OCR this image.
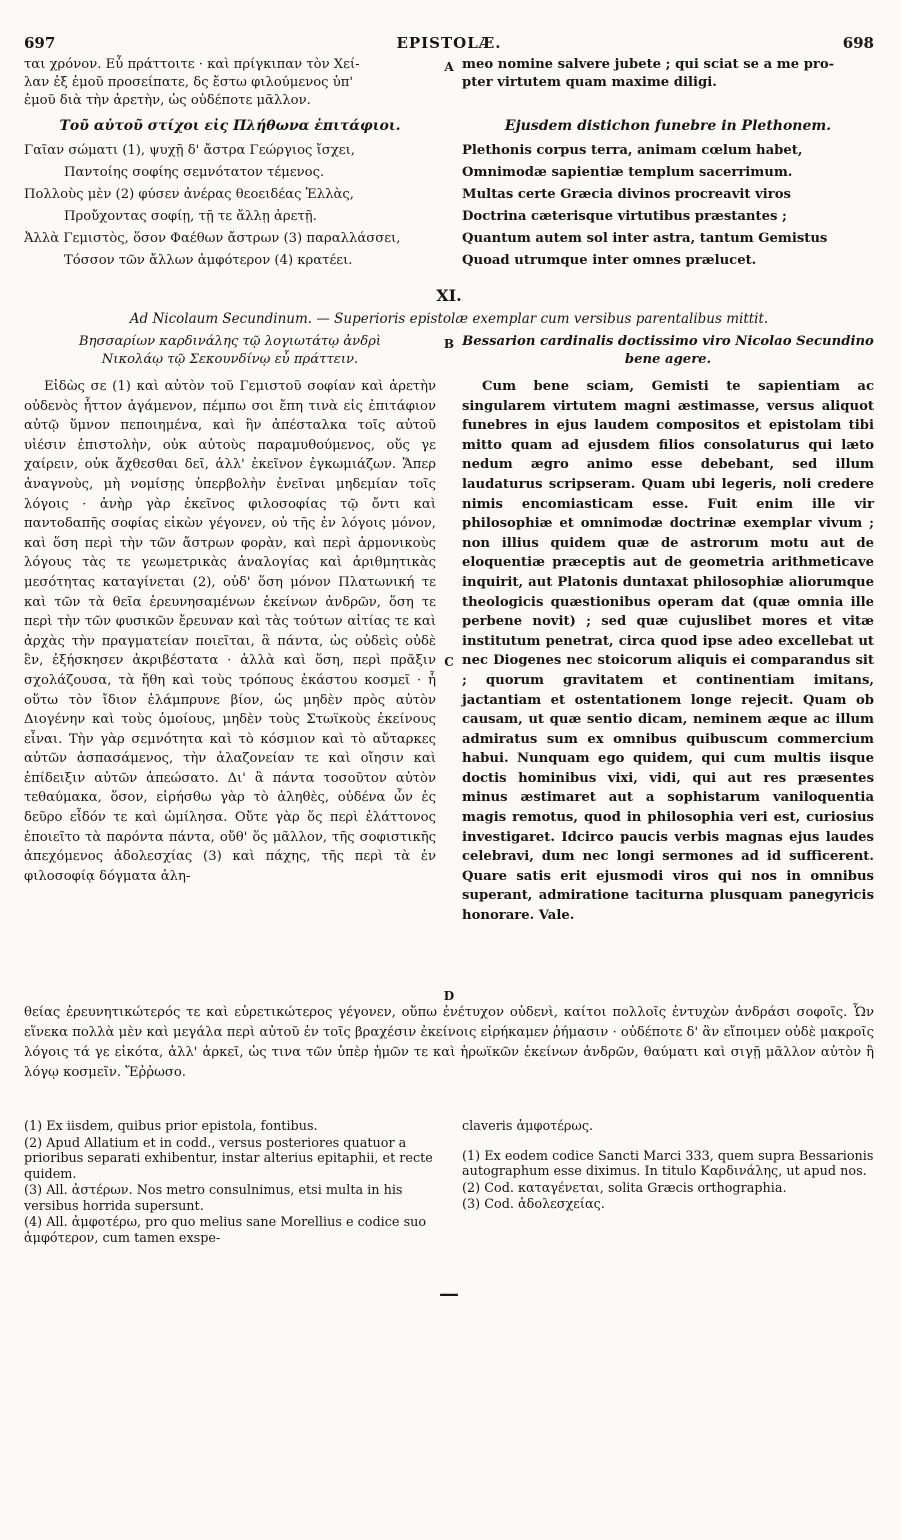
697	EPISTOLÆ.	698

ται χρόνον. Εὖ πράττοιτε · καὶ πρίγκιπαν τὸν Χεί-

λαν ἐξ ἐμοῦ προσείπατε, δς ἔστω φιλούμενος ὑπ'

ἐμοῦ διὰ τὴν ἀρετὴν, ὡς οὐδέποτε μᾶλλον.

Τοῦ αὐτοῦ στίχοι εἰς Πλήθωνα ἐπιτάφιοι.

Γαῖαν σώματι (1), ψυχῇ δ' ἄστρα Γεώργιος ἴσχει,

Παντοίης σοφίης σεμνότατον τέμενος.

Πολλοὺς μὲν (2) φύσεν ἀνέρας θεοειδέας Ἑλλὰς,

Προὔχοντας σοφίῃ, τῇ τε ἄλλῃ ἀρετῇ.

Ἀλλὰ Γεμιστὸς, ὅσον Φαέθων ἄστρων (3) παραλλάσσει,

Τόσσον τῶν ἄλλων ἀμφότερον (4) κρατέει.

A meo nomine salvere jubete ; qui sciat se a me pro-

pter virtutem quam maxime diligi.

Ejusdem distichon funebre in Plethonem.

Plethonis corpus terra, animam cœlum habet,

Omnimodæ sapientiæ templum sacerrimum.

Multas certe Græcia divinos procreavit viros

Doctrina cæterisque virtutibus præstantes ;

Quantum autem sol inter astra, tantum Gemistus

Quoad utrumque inter omnes prælucet.

XI.
Ad Nicolaum Secundinum. — Superioris epistolæ exemplar cum versibus parentalibus mittit.

Βησσαρίων καρδινάλης τῷ λογιωτάτῳ ἀνδρὶ

Νικολάῳ τῷ Σεκουνδίνῳ εὖ πράττειν.

Εἰδὼς σε (1) καὶ αὐτὸν τοῦ Γεμιστοῦ σοφίαν καὶ ἀρετὴν οὐδενὸς ἧττον ἀγάμενον, πέμπω σοι ἔπη τινὰ εἰς ἐπιτάφιον αὐτῷ ὕμνον πεποιημένα, καὶ ἣν ἀπέσταλκα τοῖς αὐτοῦ υἱέσιν ἐπιστολὴν, οὐκ αὐτοὺς παραμυθούμενος, οὕς γε χαίρειν, οὐκ ἄχθεσθαι δεῖ, ἀλλ' ἐκεῖνον ἐγκωμιάζων. Ἅπερ ἀναγνοὺς, μὴ νομίσῃς ὑπερβολὴν ἐνεῖναι μηδεμίαν τοῖς λόγοις · ἀνὴρ γὰρ ἐκεῖνος φιλοσοφίας τῷ ὄντι καὶ παντοδαπῆς σοφίας εἰκὼν γέγονεν, οὐ τῆς ἐν λόγοις μόνον, καὶ ὅση περὶ τὴν τῶν ἄστρων φορὰν, καὶ περὶ ἁρμονικοὺς λόγους τὰς τε γεωμετρικὰς ἀναλογίας καὶ ἀριθμητικὰς μεσότητας καταγίνεται (2), οὐδ' ὅση μόνον Πλατωνική τε καὶ τῶν τὰ θεῖα ἐρευνησαμένων ἐκείνων ἀνδρῶν, ὅση τε περὶ τὴν τῶν φυσικῶν ἔρευναν καὶ τὰς τούτων αἰτίας τε καὶ ἀρχὰς τὴν πραγματείαν ποιεῖται, ἃ πάντα, ὡς οὐδεὶς οὐδὲ ἓν, ἐξήσκησεν ἀκριβέστατα · ἀλλὰ καὶ ὅση, περὶ πρᾶξιν σχολάζουσα, τὰ ἤθη καὶ τοὺς τρόπους ἑκάστου κοσμεῖ · ἧ οὕτω τὸν ἴδιον ἐλάμπρυνε βίον, ὡς μηδὲν πρὸς αὐτὸν Διογένην καὶ τοὺς ὁμοίους, μηδὲν τοὺς Στωϊκοὺς ἐκείνους εἶναι. Τὴν γὰρ σεμνότητα καὶ τὸ κόσμιον καὶ τὸ αὔταρκες αὐτῶν ἀσπασάμενος, τὴν ἀλαζονείαν τε καὶ οἴησιν καὶ ἐπίδειξιν αὐτῶν ἀπεώσατο. Δι' ἃ πάντα τοσοῦτον αὐτὸν τεθαύμακα, ὅσον, εἰρήσθω γὰρ τὸ ἀληθὲς, οὐδένα ὧν ἐς δεῦρο εἶδόν τε καὶ ὡμίλησα. Οὔτε γὰρ ὅς περὶ ἐλάττονος ἐποιεῖτο τὰ παρόντα πάντα, οὔθ' ὅς μᾶλλον, τῆς σοφιστικῆς ἀπεχόμενος ἀδολεσχίας (3) καὶ πάχης, τῆς περὶ τὰ ἐν φιλοσοφίᾳ δόγματα ἀλη-

B
C
D

Bessarion cardinalis doctissimo viro Nicolao Secundino

bene agere.

Cum bene sciam, Gemisti te sapientiam ac singularem virtutem magni æstimasse, versus aliquot funebres in ejus laudem compositos et epistolam tibi mitto quam ad ejusdem filios consolaturus qui læto nedum ægro animo esse debebant, sed illum laudaturus scripseram. Quam ubi legeris, noli credere nimis encomiasticam esse. Fuit enim ille vir philosophiæ et omnimodæ doctrinæ exemplar vivum ; non illius quidem quæ de astrorum motu aut de eloquentiæ præceptis aut de geometria arithmeticave inquirit, aut Platonis duntaxat philosophiæ aliorumque theologicis quæstionibus operam dat (quæ omnia ille perbene novit) ; sed quæ cujuslibet mores et vitæ institutum penetrat, circa quod ipse adeo excellebat ut nec Diogenes nec stoicorum aliquis ei comparandus sit ; quorum gravitatem et continentiam imitans, jactantiam et ostentationem longe rejecit. Quam ob causam, ut quæ sentio dicam, neminem æque ac illum admiratus sum ex omnibus quibuscum commercium habui. Nunquam ego quidem, qui cum multis iisque doctis hominibus vixi, vidi, qui aut res præsentes minus æstimaret aut a sophistarum vaniloquentia magis remotus, quod in philosophia veri est, curiosius investigaret. Idcirco paucis verbis magnas ejus laudes celebravi, dum nec longi sermones ad id sufficerent. Quare satis erit ejusmodi viros qui nos in omnibus superant, admiratione taciturna plusquam panegyricis honorare. Vale.

θείας ἐρευνητικώτερός τε καὶ εὑρετικώτερος γέγονεν, οὕπω ἐνέτυχον οὐδενὶ, καίτοι πολλοῖς ἐντυχὼν ἀνδράσι σοφοῖς. Ὧν εἵνεκα πολλὰ μὲν καὶ μεγάλα περὶ αὐτοῦ ἐν τοῖς βραχέσιν ἐκείνοις εἰρήκαμεν ῥήμασιν · οὐδέποτε δ' ἂν εἴποιμεν οὐδὲ μακροῖς λόγοις τά γε εἰκότα, ἀλλ' ἀρκεῖ, ὡς τινα τῶν ὑπὲρ ἡμῶν τε καὶ ἡρωϊκῶν ἐκείνων ἀνδρῶν, θαύματι καὶ σιγῇ μᾶλλον αὐτὸν ἢ λόγῳ κοσμεῖν. Ἔῤῥωσο.

(1) Ex iisdem, quibus prior epistola, fontibus.

(2) Apud Allatium et in codd., versus posteriores quatuor a prioribus separati exhibentur, instar alterius epitaphii, et recte quidem.

(3) All. ἀστέρων. Nos metro consulnimus, etsi multa in his versibus horrida supersunt.

(4) All. ἀμφοτέρω, pro quo melius sane Morellius e codice suo ἀμφότερον, cum tamen exspe-

claveris ἀμφοτέρως.

(1) Ex eodem codice Sancti Marci 333, quem supra Bessarionis autographum esse diximus. In titulo Καρδινάλης, ut apud nos.

(2) Cod. καταγένεται, solita Græcis orthographia.

(3) Cod. ἀδολεσχείας.

—
